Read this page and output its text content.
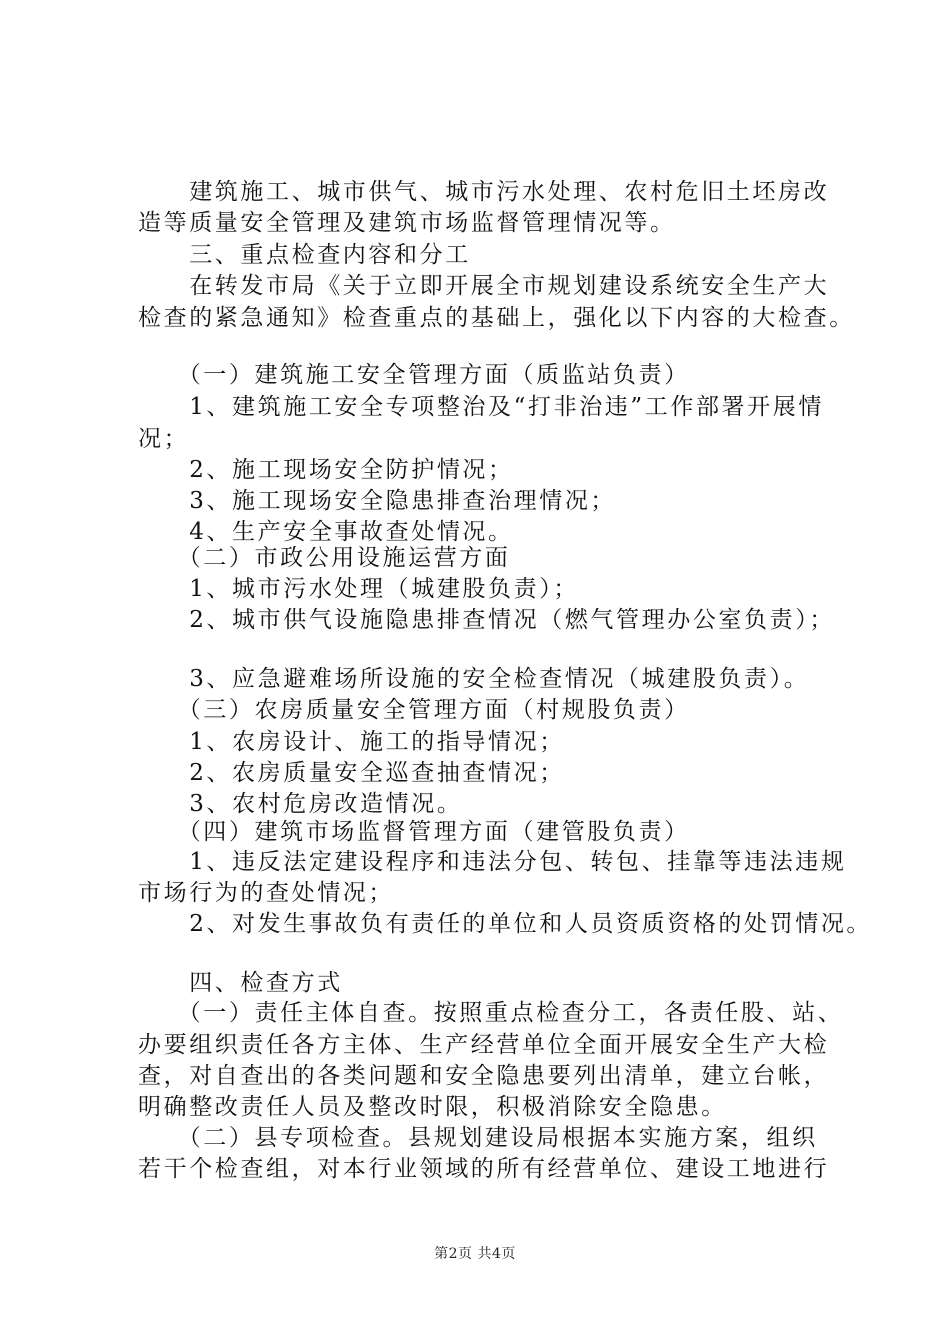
　　建筑施工、城市供气、城市污水处理、农村危旧土坯房改
造等质量安全管理及建筑市场监督管理情况等。
　　三、重点检查内容和分工
　　在转发市局《关于立即开展全市规划建设系统安全生产大
检查的紧急通知》检查重点的基础上，强化以下内容的大检查。
　　（一）建筑施工安全管理方面（质监站负责）
　　1、建筑施工安全专项整治及“打非治违”工作部署开展情
况；
　　2、施工现场安全防护情况；
　　3、施工现场安全隐患排查治理情况；
　　4、生产安全事故查处情况。
　　（二）市政公用设施运营方面
　　1、城市污水处理（城建股负责）；
　　2、城市供气设施隐患排查情况（燃气管理办公室负责）；
　　3、应急避难场所设施的安全检查情况（城建股负责）。
　　（三）农房质量安全管理方面（村规股负责）
　　1、农房设计、施工的指导情况；
　　2、农房质量安全巡查抽查情况；
　　3、农村危房改造情况。
　　（四）建筑市场监督管理方面（建管股负责）
　　1、违反法定建设程序和违法分包、转包、挂靠等违法违规
市场行为的查处情况；
　　2、对发生事故负有责任的单位和人员资质资格的处罚情况。
　　四、检查方式
　　（一）责任主体自查。按照重点检查分工，各责任股、站、
办要组织责任各方主体、生产经营单位全面开展安全生产大检
查，对自查出的各类问题和安全隐患要列出清单，建立台帐，
明确整改责任人员及整改时限，积极消除安全隐患。
　　（二）县专项检查。县规划建设局根据本实施方案，组织
若干个检查组，对本行业领域的所有经营单位、建设工地进行
第2页 共4页
